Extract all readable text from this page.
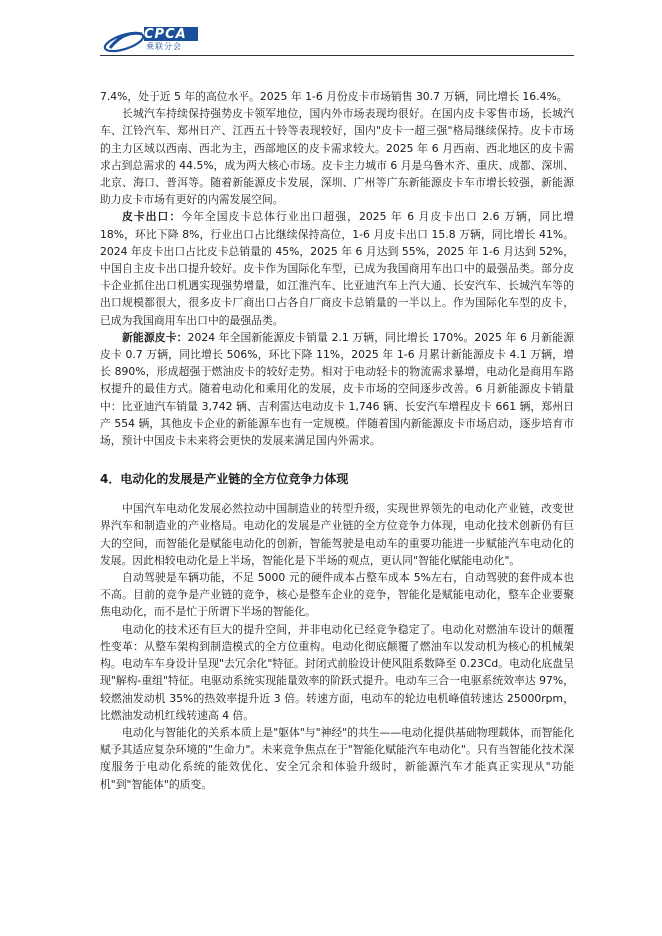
CPCA
乘联分会

7.4%，处于近 5 年的高位水平。2025 年 1-6 月份皮卡市场销售 30.7 万辆，同比增长 16.4%。

长城汽车持续保持强势皮卡领军地位，国内外市场表现均很好。在国内皮卡零售市场，长城汽车、江铃汽车、郑州日产、江西五十铃等表现较好，国内"皮卡一超三强"格局继续保持。皮卡市场的主力区域以西南、西北为主，西部地区的皮卡需求较大。2025 年 6 月西南、西北地区的皮卡需求占到总需求的 44.5%，成为两大核心市场。皮卡主力城市 6 月是乌鲁木齐、重庆、成都、深圳、北京、海口、普洱等。随着新能源皮卡发展，深圳、广州等广东新能源皮卡车市增长较强，新能源助力皮卡市场有更好的内需发展空间。

皮卡出口：今年全国皮卡总体行业出口超强，2025 年 6 月皮卡出口 2.6 万辆，同比增 18%，环比下降 8%，行业出口占比继续保持高位，1-6 月皮卡出口 15.8 万辆，同比增长 41%。2024 年皮卡出口占比皮卡总销量的 45%，2025 年 6 月达到 55%，2025 年 1-6 月达到 52%，中国自主皮卡出口提升较好。皮卡作为国际化车型，已成为我国商用车出口中的最强品类。部分皮卡企业抓住出口机遇实现强势增量，如江淮汽车、比亚迪汽车上汽大通、长安汽车、长城汽车等的出口规模都很大，很多皮卡厂商出口占各自厂商皮卡总销量的一半以上。作为国际化车型的皮卡，已成为我国商用车出口中的最强品类。

新能源皮卡：2024 年全国新能源皮卡销量 2.1 万辆，同比增长 170%。2025 年 6 月新能源皮卡 0.7 万辆，同比增长 506%，环比下降 11%，2025 年 1-6 月累计新能源皮卡 4.1 万辆，增长 890%，形成超强于燃油皮卡的较好走势。相对于电动轻卡的物流需求暴增，电动化是商用车路权提升的最佳方式。随着电动化和乘用化的发展，皮卡市场的空间逐步改善。6 月新能源皮卡销量中：比亚迪汽车销量 3,742 辆、吉利雷达电动皮卡 1,746 辆、长安汽车增程皮卡 661 辆，郑州日产 554 辆，其他皮卡企业的新能源车也有一定规模。伴随着国内新能源皮卡市场启动，逐步培育市场，预计中国皮卡未来将会更快的发展来满足国内外需求。

4．电动化的发展是产业链的全方位竞争力体现

中国汽车电动化发展必然拉动中国制造业的转型升级，实现世界领先的电动化产业链，改变世界汽车和制造业的产业格局。电动化的发展是产业链的全方位竞争力体现，电动化技术创新仍有巨大的空间，而智能化是赋能电动化的创新，智能驾驶是电动车的重要功能进一步赋能汽车电动化的发展。因此相较电动化是上半场，智能化是下半场的观点，更认同"智能化赋能电动化"。

自动驾驶是车辆功能，不足 5000 元的硬件成本占整车成本 5%左右，自动驾驶的套件成本也不高。目前的竞争是产业链的竞争，核心是整车企业的竞争，智能化是赋能电动化，整车企业要聚焦电动化，而不是忙于所谓下半场的智能化。

电动化的技术还有巨大的提升空间，并非电动化已经竞争稳定了。电动化对燃油车设计的颠覆性变革：从整车架构到制造模式的全方位重构。电动化彻底颠覆了燃油车以发动机为核心的机械架构。电动车车身设计呈现"去冗余化"特征。封闭式前脸设计使风阻系数降至 0.23Cd。电动化底盘呈现"解构-重组"特征。电驱动系统实现能量效率的阶跃式提升。电动车三合一电驱系统效率达 97%，较燃油发动机 35%的热效率提升近 3 倍。转速方面，电动车的轮边电机峰值转速达 25000rpm，比燃油发动机红线转速高 4 倍。

电动化与智能化的关系本质上是"躯体"与"神经"的共生——电动化提供基础物理载体，而智能化赋予其适应复杂环境的"生命力"。未来竞争焦点在于"智能化赋能汽车电动化"。只有当智能化技术深度服务于电动化系统的能效优化、安全冗余和体验升级时，新能源汽车才能真正实现从"功能机"到"智能体"的质变。
